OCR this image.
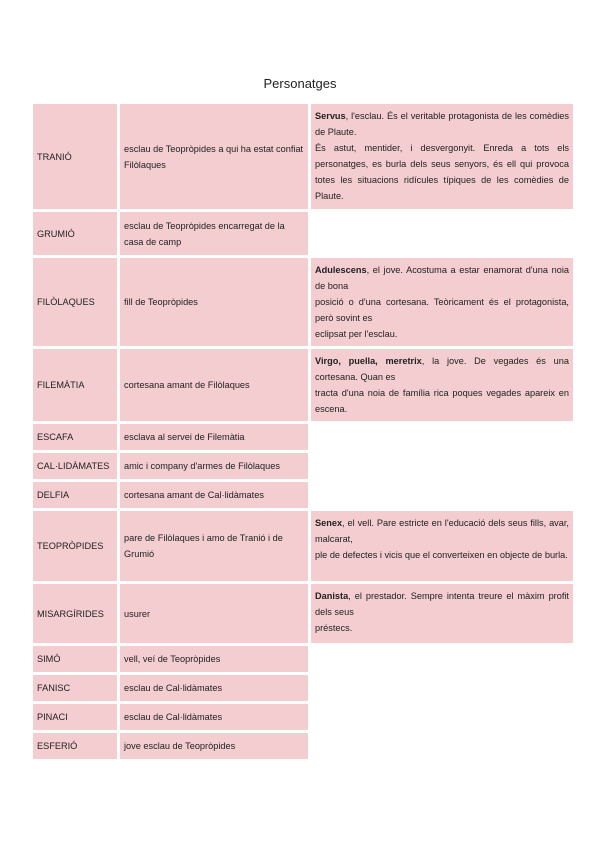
Personatges
TRANIÓ	esclau de Teopròpides a qui ha estat confiat Filòlaques	Servus, l'esclau. És el veritable protagonista de les comèdies de Plaute.
És astut, mentider, i desvergonyit. Enreda a tots els personatges, es burla dels seus senyors, és ell qui provoca totes les situacions ridícules típiques de les comèdies de Plaute.
GRUMIÓ	esclau de Teopròpides encarregat de la casa de camp	
FILÒLAQUES	fill de Teopròpides	Adulescens, el jove. Acostuma a estar enamorat d'una noia de bona
posició o d'una cortesana. Teòricament és el protagonista, però sovint es
eclipsat per l'esclau.
FILEMÀTIA	cortesana amant de Filòlaques	Virgo, puella, meretrix, la jove. De vegades és una cortesana. Quan es
tracta d'una noia de família rica poques vegades apareix en escena.
ESCAFA	esclava al servei de Filemàtia	
CAL·LIDÀMATES	amic i company d'armes de Filòlaques	
DELFIA	cortesana amant de Cal·lidàmates	
TEOPRÒPIDES	pare de Filòlaques i amo de Tranió i de Grumió	Senex, el vell. Pare estricte en l'educació dels seus fills, avar, malcarat,
ple de defectes i vicis que el converteixen en objecte de burla.
MISARGÍRIDES	usurer	Danista, el prestador. Sempre intenta treure el màxim profit dels seus
préstecs.
SIMÓ	vell, veí de Teopròpides	
FANISC	esclau de Cal·lidàmates	
PINACI	esclau de Cal·lidàmates	
ESFERIÓ	jove esclau de Teopròpides	
